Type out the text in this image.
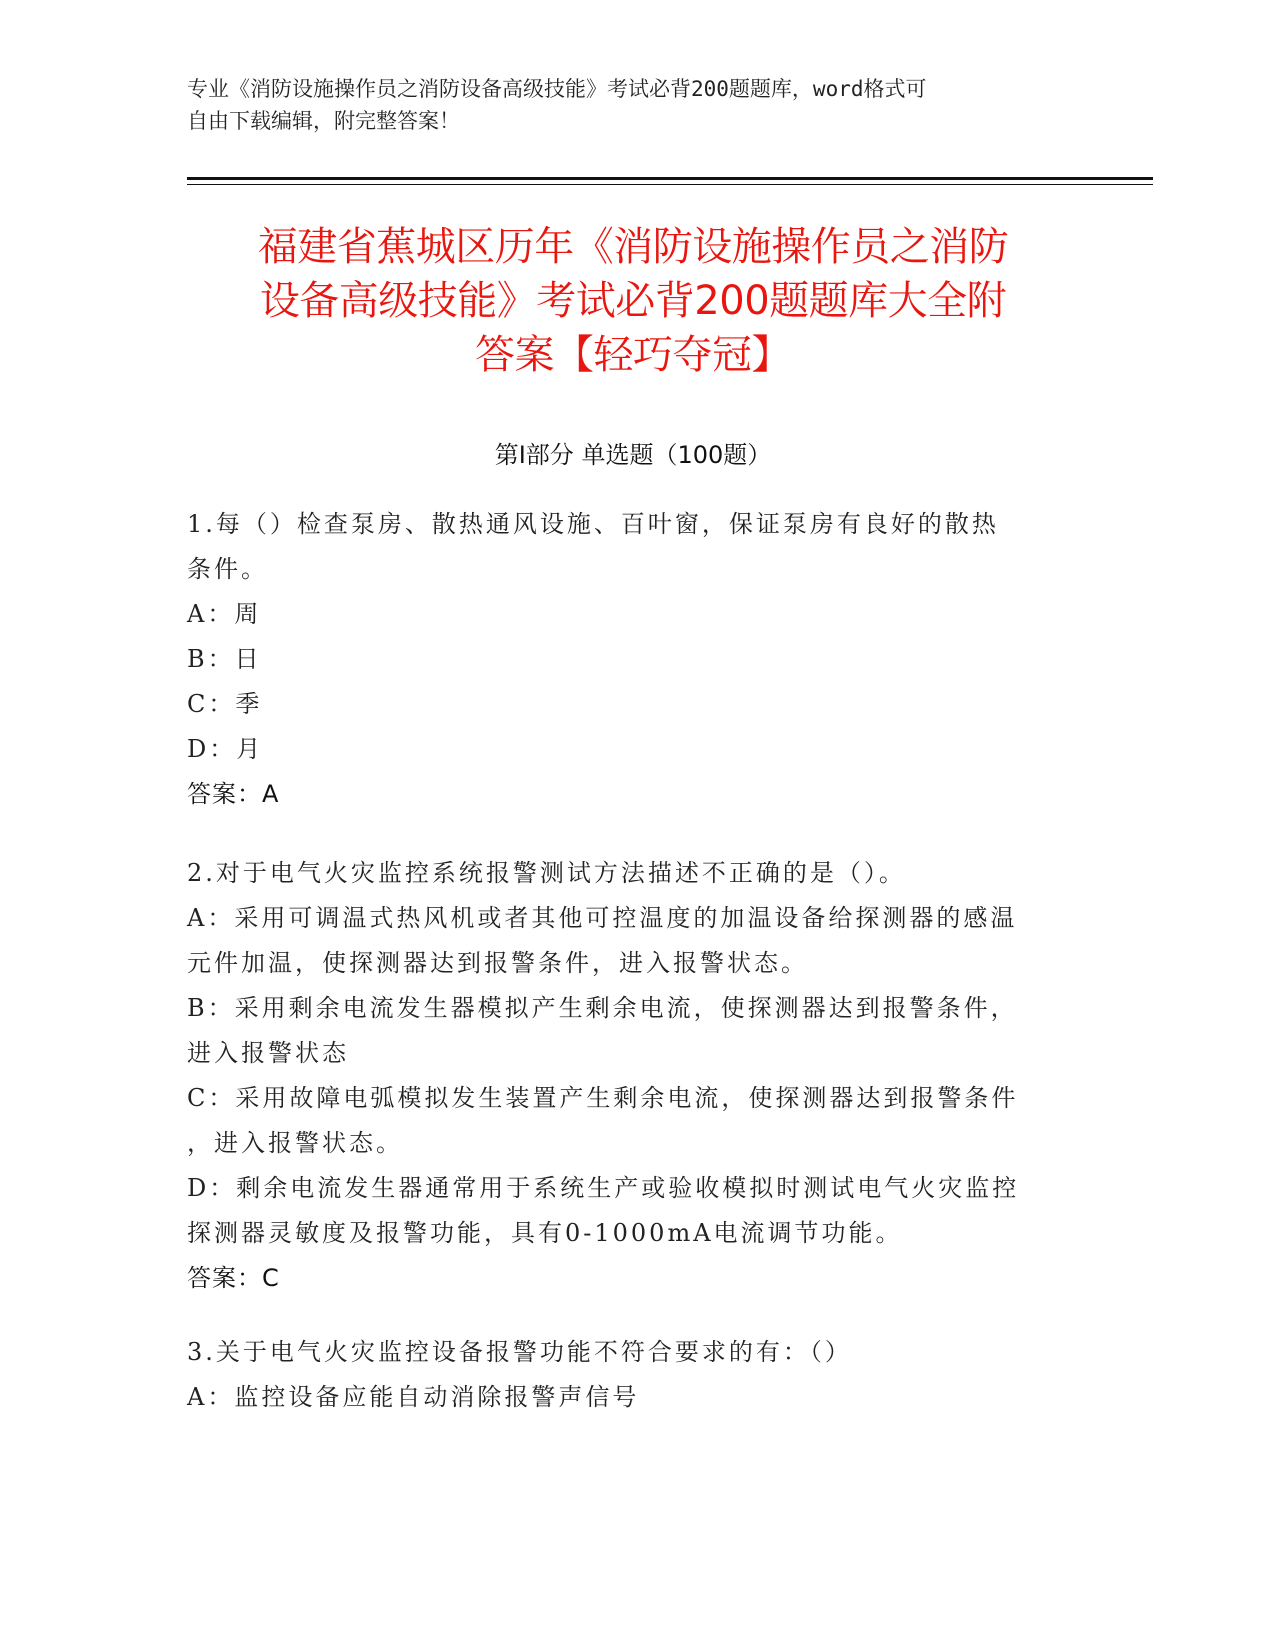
专业《消防设施操作员之消防设备高级技能》考试必背200题题库，word格式可
自由下载编辑，附完整答案！
福建省蕉城区历年《消防设施操作员之消防
设备高级技能》考试必背200题题库大全附
答案【轻巧夺冠】
第I部分 单选题（100题）

1.每（）检查泵房、散热通风设施、百叶窗，保证泵房有良好的散热

条件。

A：周

B：日

C：季

D：月

答案：A

2.对于电气火灾监控系统报警测试方法描述不正确的是（）。

A：采用可调温式热风机或者其他可控温度的加温设备给探测器的感温

元件加温，使探测器达到报警条件，进入报警状态。

B：采用剩余电流发生器模拟产生剩余电流，使探测器达到报警条件，

进入报警状态

C：采用故障电弧模拟发生装置产生剩余电流，使探测器达到报警条件

，进入报警状态。

D：剩余电流发生器通常用于系统生产或验收模拟时测试电气火灾监控

探测器灵敏度及报警功能，具有0-1000mA电流调节功能。

答案：C

3.关于电气火灾监控设备报警功能不符合要求的有：（）

A：监控设备应能自动消除报警声信号
